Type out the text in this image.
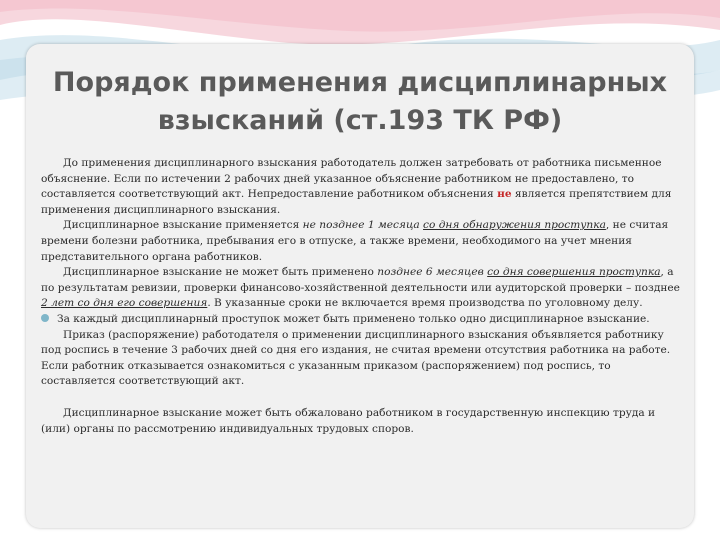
Порядок применения дисциплинарных
взысканий (ст.193 ТК РФ)

До применения дисциплинарного взыскания работодатель должен затребовать от работника письменное объяснение. Если по истечении 2 рабочих дней указанное объяснение работником не предоставлено, то составляется соответствующий акт. Непредоставление работником объяснения не является препятствием для применения дисциплинарного взыскания.

Дисциплинарное взыскание применяется не позднее 1 месяца со дня обнаружения проступка, не считая времени болезни работника, пребывания его в отпуске, а также времени, необходимого на учет мнения представительного органа работников.

Дисциплинарное взыскание не может быть применено позднее 6 месяцев со дня совершения проступка, а по результатам ревизии, проверки финансово-хозяйственной деятельности или аудиторской проверки – позднее 2 лет со дня его совершения. В указанные сроки не включается время производства по уголовному делу.

За каждый дисциплинарный проступок может быть применено только одно дисциплинарное взыскание.

Приказ (распоряжение) работодателя о применении дисциплинарного взыскания объявляется работнику под роспись в течение 3 рабочих дней со дня его издания, не считая времени отсутствия работника на работе. Если работник отказывается ознакомиться с указанным приказом (распоряжением) под роспись, то составляется соответствующий акт.

Дисциплинарное взыскание может быть обжаловано работником в государственную инспекцию труда и (или) органы по рассмотрению индивидуальных трудовых споров.
